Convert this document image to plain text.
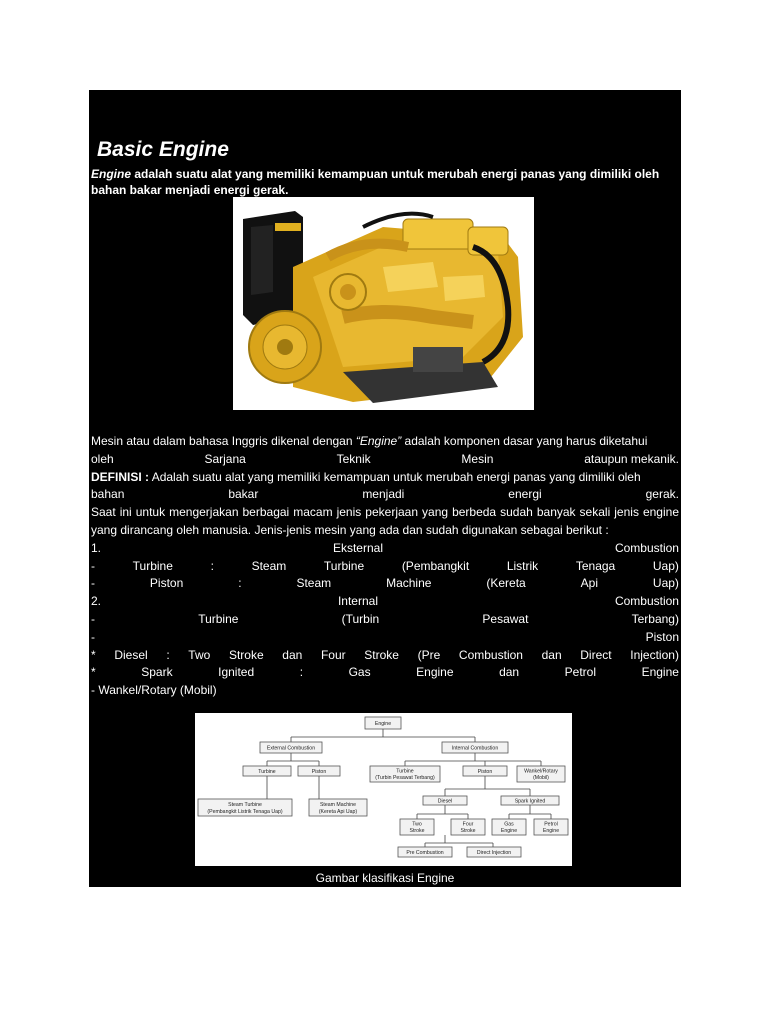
Basic Engine
Engine adalah suatu alat yang memiliki kemampuan untuk merubah energi panas yang dimiliki oleh bahan bakar menjadi energi gerak.
Mesin atau dalam bahasa Inggris dikenal dengan “Engine” adalah komponen dasar yang harus diketahui
oleh	Sarjana	Teknik	Mesin	ataupun mekanik.
DEFINISI : Adalah suatu alat yang memiliki kemampuan untuk merubah energi panas yang dimiliki oleh
bahan	bakar	menjadi	energi	gerak.
Saat ini untuk mengerjakan berbagai macam jenis pekerjaan yang berbeda sudah banyak sekali jenis engine yang dirancang oleh manusia. Jenis-jenis mesin yang ada dan sudah digunakan sebagai berikut :
1.	Eksternal	Combustion
-	Turbine	:	Steam	Turbine	(Pembangkit	Listrik	Tenaga	Uap)
-	Piston	:	Steam	Machine	(Kereta	Api	Uap)
2.	Internal	Combustion
-	Turbine	(Turbin	Pesawat	Terbang)
-	Piston
* Diesel : Two Stroke dan Four Stroke (Pre Combustion dan Direct Injection)
*	Spark	Ignited	:	Gas	Engine	dan	Petrol	Engine
- Wankel/Rotary (Mobil)
Engine
External Combustion	Internal Combustion
Turbine	Piston
Steam Turbine
(Pembangkit Listrik Tenaga Uap)
Steam Machine
(Kereta Api Uap)
Turbine
(Turbin Pesawat Terbang)
Piston	Wankel/Rotary
(Mobil)
Diesel	Spark Ignited
Two
Stroke
Four
Stroke
Gas
Engine
Petrol
Engine
Pre Combustion	Direct Injection
Gambar klasifikasi Engine
